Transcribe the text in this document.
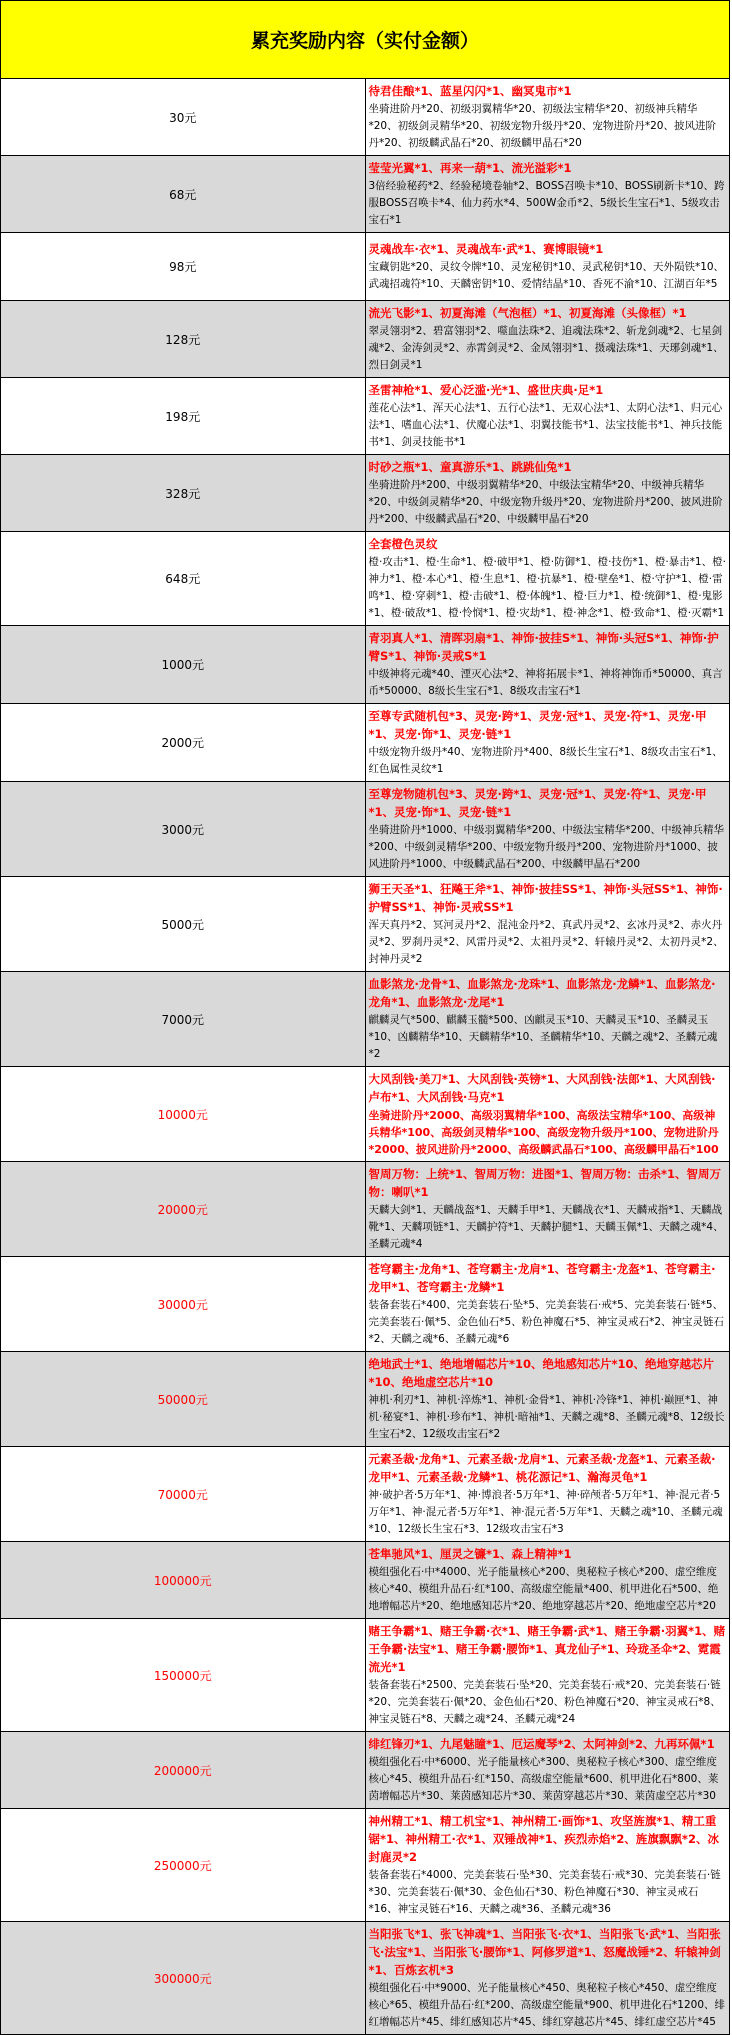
累充奖励内容（实付金额）	
30元	待君佳酿*1、蓝星闪闪*1、幽冥鬼市*1
坐骑进阶丹*20、初级羽翼精华*20、初级法宝精华*20、初级神兵精华*20、初级剑灵精华*20、初级宠物升级丹*20、宠物进阶丹*20、披风进阶丹*20、初级麟武晶石*20、初级麟甲晶石*20

68元	莹莹光翼*1、再来一葫*1、流光溢彩*1
3倍经验秘药*2、经验秘境卷轴*2、BOSS召唤卡*10、BOSS刷新卡*10、跨服BOSS召唤卡*4、仙力药水*4、500W金币*2、5级长生宝石*1、5级攻击宝石*1

98元	灵魂战车·衣*1、灵魂战车·武*1、赛博眼镜*1
宝藏钥匙*20、灵纹令牌*10、灵宠秘钥*10、灵武秘钥*10、天外陨铁*10、武魂招魂符*10、天麟密钥*10、爱情结晶*10、香死不渝*10、江湖百年*5

128元	流光飞影*1、初夏海滩（气泡框）*1、初夏海滩（头像框）*1
翠灵翎羽*2、碧富翎羽*2、噬血法珠*2、追魂法珠*2、斩龙剑魂*2、七星剑魂*2、金涛剑灵*2、赤霄剑灵*2、金凤翎羽*1、摄魂法珠*1、天琊剑魂*1、烈日剑灵*1

198元	圣雷神枪*1、爱心泛滥·光*1、盛世庆典·足*1
莲花心法*1、浑天心法*1、五行心法*1、无双心法*1、太阴心法*1、归元心法*1、嗜血心法*1、伏魔心法*1、羽翼技能书*1、法宝技能书*1、神兵技能书*1、剑灵技能书*1

328元	时砂之瓶*1、童真游乐*1、跳跳仙兔*1
坐骑进阶丹*200、中级羽翼精华*20、中级法宝精华*20、中级神兵精华*20、中级剑灵精华*20、中级宠物升级丹*20、宠物进阶丹*200、披风进阶丹*200、中级麟武晶石*20、中级麟甲晶石*20

648元	全套橙色灵纹
橙·攻击*1、橙·生命*1、橙·破甲*1、橙·防御*1、橙·技伤*1、橙·暴击*1、橙·神力*1、橙·本心*1、橙·生息*1、橙·抗暴*1、橙·壁垒*1、橙·守护*1、橙·雷鸣*1、橙·穿刺*1、橙·击破*1、橙·体魄*1、橙·巨力*1、橙·统御*1、橙·鬼影*1、橙·破敌*1、橙·怜悯*1、橙·灾劫*1、橙·神念*1、橙·致命*1、橙·灭霸*1

1000元	青羽真人*1、清晖羽扇*1、神饰·披挂S*1、神饰·头冠S*1、神饰·护臂S*1、神饰·灵戒S*1
中级神将元魂*40、湮灭心法*2、神将拓展卡*1、神将神饰币*50000、真言币*50000、8级长生宝石*1、8级攻击宝石*1

2000元	至尊专武随机包*3、灵宠·跨*1、灵宠·冠*1、灵宠·符*1、灵宠·甲*1、灵宠·饰*1、灵宠·链*1
中级宠物升级丹*40、宠物进阶丹*400、8级长生宝石*1、8级攻击宝石*1、红色属性灵纹*1

3000元	至尊宠物随机包*3、灵宠·跨*1、灵宠·冠*1、灵宠·符*1、灵宠·甲*1、灵宠·饰*1、灵宠·链*1
坐骑进阶丹*1000、中级羽翼精华*200、中级法宝精华*200、中级神兵精华*200、中级剑灵精华*200、中级宠物升级丹*200、宠物进阶丹*1000、披风进阶丹*1000、中级麟武晶石*200、中级麟甲晶石*200

5000元	狮王天圣*1、狂飚王斧*1、神饰·披挂SS*1、神饰·头冠SS*1、神饰·护臂SS*1、神饰·灵戒SS*1
浑天真丹*2、冥河灵丹*2、混沌金丹*2、真武丹灵*2、玄冰丹灵*2、赤火丹灵*2、罗刹丹灵*2、风雷丹灵*2、太祖丹灵*2、轩辕丹灵*2、太初丹灵*2、封神丹灵*2

7000元	血影煞龙·龙骨*1、血影煞龙·龙珠*1、血影煞龙·龙鳞*1、血影煞龙·龙角*1、血影煞龙·龙尾*1
麒麟灵气*500、麒麟玉髓*500、凶麒灵玉*10、天麟灵玉*10、圣麟灵玉*10、凶麟精华*10、天麟精华*10、圣麟精华*10、天麟之魂*2、圣麟元魂*2

10000元	大风刮钱·美刀*1、大风刮钱·英镑*1、大风刮钱·法郎*1、大风刮钱·卢布*1、大风刮钱·马克*1
坐骑进阶丹*2000、高级羽翼精华*100、高级法宝精华*100、高级神兵精华*100、高级剑灵精华*100、高级宠物升级丹*100、宠物进阶丹*2000、披风进阶丹*2000、高级麟武晶石*100、高级麟甲晶石*100

20000元	智周万物：上统*1、智周万物：进图*1、智周万物：击杀*1、智周万物：喇叭*1
天麟大剑*1、天麟战盔*1、天麟手甲*1、天麟战衣*1、天麟戒指*1、天麟战靴*1、天麟项链*1、天麟护符*1、天麟护腿*1、天麟玉佩*1、天麟之魂*4、圣麟元魂*4

30000元	苍穹霸主·龙角*1、苍穹霸主·龙肩*1、苍穹霸主·龙盔*1、苍穹霸主·龙甲*1、苍穹霸主·龙鳞*1
装备套装石*400、完美套装石·坠*5、完美套装石·戒*5、完美套装石·链*5、完美套装石·佩*5、金色仙石*5、粉色神魔石*5、神宝灵戒石*2、神宝灵链石*2、天麟之魂*6、圣麟元魂*6

50000元	绝地武士*1、绝地增幅芯片*10、绝地感知芯片*10、绝地穿越芯片*10、绝地虚空芯片*10
神机·利刃*1、神机·淬炼*1、神机·金骨*1、神机·冷锋*1、神机·巅匣*1、神机·秘宴*1、神机·珍布*1、神机·暗袖*1、天麟之魂*8、圣麟元魂*8、12级长生宝石*2、12级攻击宝石*2

70000元	元素圣裁·龙角*1、元素圣裁·龙肩*1、元素圣裁·龙盔*1、元素圣裁·龙甲*1、元素圣裁·龙鳞*1、桃花源记*1、瀚海灵龟*1
神·破护者·5万年*1、神·博浪者·5万年*1、神·碎颅者·5万年*1、神·混元者·5万年*1、神·混元者·5万年*1、神·混元者·5万年*1、天麟之魂*10、圣麟元魂*10、12级长生宝石*3、12级攻击宝石*3

100000元	苍隼驰风*1、厘灵之镰*1、森上精神*1
模组强化石·中*4000、光子能量核心*200、奥秘粒子核心*200、虚空维度核心*40、模组升品石·红*100、高级虚空能量*400、机甲进化石*500、绝地增幅芯片*20、绝地感知芯片*20、绝地穿越芯片*20、绝地虚空芯片*20

150000元	赌王争霸*1、赌王争霸·衣*1、赌王争霸·武*1、赌王争霸·羽翼*1、赌王争霸·法宝*1、赌王争霸·腰饰*1、真龙仙子*1、玲珑圣伞*2、霓霞流光*1
装备套装石*2500、完美套装石·坠*20、完美套装石·戒*20、完美套装石·链*20、完美套装石·佩*20、金色仙石*20、粉色神魔石*20、神宝灵戒石*8、神宝灵链石*8、天麟之魂*24、圣麟元魂*24

200000元	绯红锋刃*1、九尾魅瞳*1、厄运魔琴*2、太阿神剑*2、九再环佩*1
模组强化石·中*6000、光子能量核心*300、奥秘粒子核心*300、虚空维度核心*45、模组升品石·红*150、高级虚空能量*600、机甲进化石*800、莱茵增幅芯片*30、莱茵感知芯片*30、莱茵穿越芯片*30、莱茵虚空芯片*30

250000元	神州精工*1、精工机宝*1、神州精工·画饰*1、攻坚旌旗*1、精工重锯*1、神州精工·衣*1、双锤战神*1、疾烈赤焰*2、旌旗飘飘*2、冰封鹿灵*2
装备套装石*4000、完美套装石·坠*30、完美套装石·戒*30、完美套装石·链*30、完美套装石·佩*30、金色仙石*30、粉色神魔石*30、神宝灵戒石*16、神宝灵链石*16、天麟之魂*36、圣麟元魂*36

300000元	当阳张飞*1、张飞神魂*1、当阳张飞·衣*1、当阳张飞·武*1、当阳张飞·法宝*1、当阳张飞·腰饰*1、阿修罗道*1、怒魔战锤*2、轩辕神剑*1、百炼玄机*3
模组强化石·中*9000、光子能量核心*450、奥秘粒子核心*450、虚空维度核心*65、模组升品石·红*200、高级虚空能量*900、机甲进化石*1200、绯红增幅芯片*45、绯红感知芯片*45、绯红穿越芯片*45、绯红虚空芯片*45
